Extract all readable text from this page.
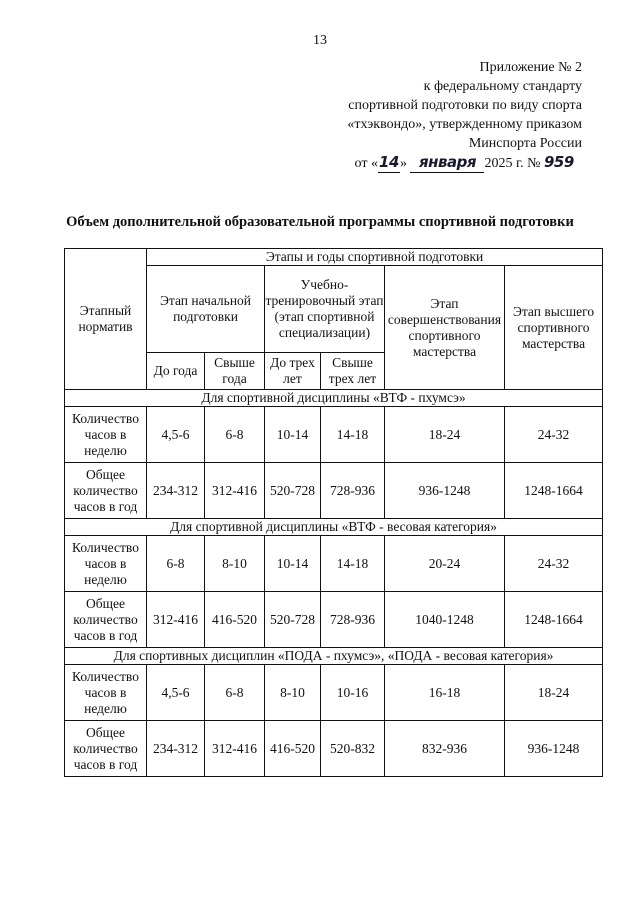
13
Приложение № 2
к федеральному стандарту
спортивной подготовки по виду спорта
«тхэквондо», утвержденному приказом
Минспорта России
от «14» января 2025 г. № 959
Объем дополнительной образовательной программы спортивной подготовки
Этапный норматив	Этапы и годы спортивной подготовки					
	Этап начальной подготовки		Учебно-тренировочный этап (этап спортивной специализации)		Этап совершенствования спортивного мастерства	Этап высшего спортивного мастерства
	До года	Свыше года	До трех лет	Свыше трех лет		
Для спортивной дисциплины «ВТФ - пхумсэ»						
Количество часов в неделю	4,5-6	6-8	10-14	14-18	18-24	24-32
Общее количество часов в год	234-312	312-416	520-728	728-936	936-1248	1248-1664
Для спортивной дисциплины «ВТФ - весовая категория»						
Количество часов в неделю	6-8	8-10	10-14	14-18	20-24	24-32
Общее количество часов в год	312-416	416-520	520-728	728-936	1040-1248	1248-1664
Для спортивных дисциплин «ПОДА - пхумсэ», «ПОДА - весовая категория»						
Количество часов в неделю	4,5-6	6-8	8-10	10-16	16-18	18-24
Общее количество часов в год	234-312	312-416	416-520	520-832	832-936	936-1248
